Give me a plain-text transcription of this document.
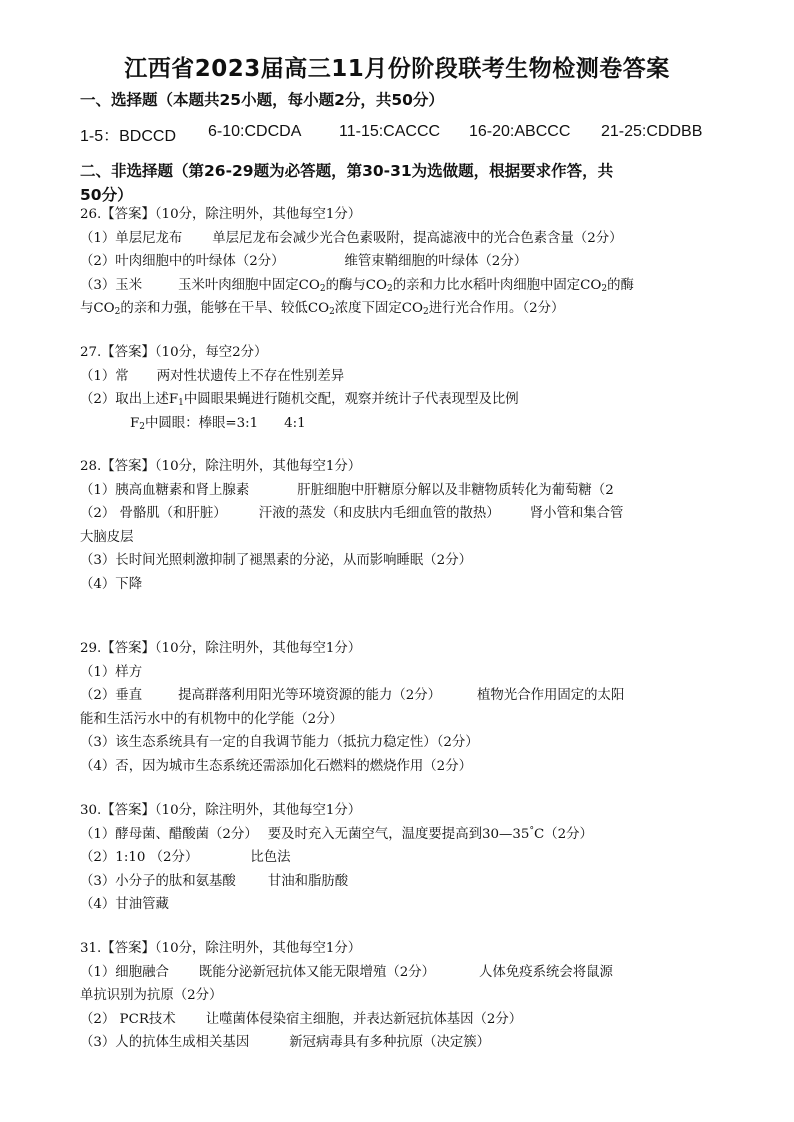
江西省2023届高三11月份阶段联考生物检测卷答案
一、选择题（本题共25小题，每小题2分，共50分）
1-5：BDCCD 6-10:CDCDA 11-15:CACCC 16-20:ABCCC 21-25:CDDBB
二、非选择题（第26-29题为必答题，第30-31为选做题，根据要求作答，共
50分）
26.【答案】（10分，除注明外，其他每空1分）
（1）单层尼龙布 单层尼龙布会减少光合色素吸附，提高滤液中的光合色素含量（2分）
（2）叶肉细胞中的叶绿体（2分）	维管束鞘细胞的叶绿体（2分）
（3）玉米	玉米叶肉细胞中固定$CO_2$的酶与$CO_2$的亲和力比水稻叶肉细胞中固定$CO_2$的酶
与$CO_2$的亲和力强，能够在干旱、较低$CO_2$浓度下固定$CO_2$进行光合作用。（2分）
27.【答案】（10分，每空2分）
（1）常 两对性状遗传上不存在性别差异
（2）取出上述$F_1$中圆眼果蝇进行随机交配，观察并统计子代表现型及比例
$F_2$中圆眼：棒眼=3:1 4:1
28.【答案】（10分，除注明外，其他每空1分）
（1）胰高血糖素和肾上腺素	肝脏细胞中肝糖原分解以及非糖物质转化为葡萄糖（2
（2） 骨骼肌（和肝脏） 汗液的蒸发（和皮肤内毛细血管的散热） 肾小管和集合管
大脑皮层
（3）长时间光照刺激抑制了褪黑素的分泌，从而影响睡眠（2分）
（4）下降
29.【答案】（10分，除注明外，其他每空1分）
（1）样方
（2）垂直	提高群落利用阳光等环境资源的能力（2分）	植物光合作用固定的太阳
能和生活污水中的有机物中的化学能（2分）
（3）该生态系统具有一定的自我调节能力（抵抗力稳定性）（2分）
（4）否，因为城市生态系统还需添加化石燃料的燃烧作用（2分）
30.【答案】（10分，除注明外，其他每空1分）
（1）酵母菌、醋酸菌（2分） 要及时充入无菌空气，温度要提高到30—35°C（2分）
（2）1:10 （2分）	比色法
（3）小分子的肽和氨基酸 甘油和脂肪酸
（4）甘油管藏
31.【答案】（10分，除注明外，其他每空1分）
（1）细胞融合 既能分泌新冠抗体又能无限增殖（2分）	人体免疫系统会将鼠源
单抗识别为抗原（2分）
（2） PCR技术 让噬菌体侵染宿主细胞，并表达新冠抗体基因（2分）
（3）人的抗体生成相关基因	新冠病毒具有多种抗原（决定簇）
